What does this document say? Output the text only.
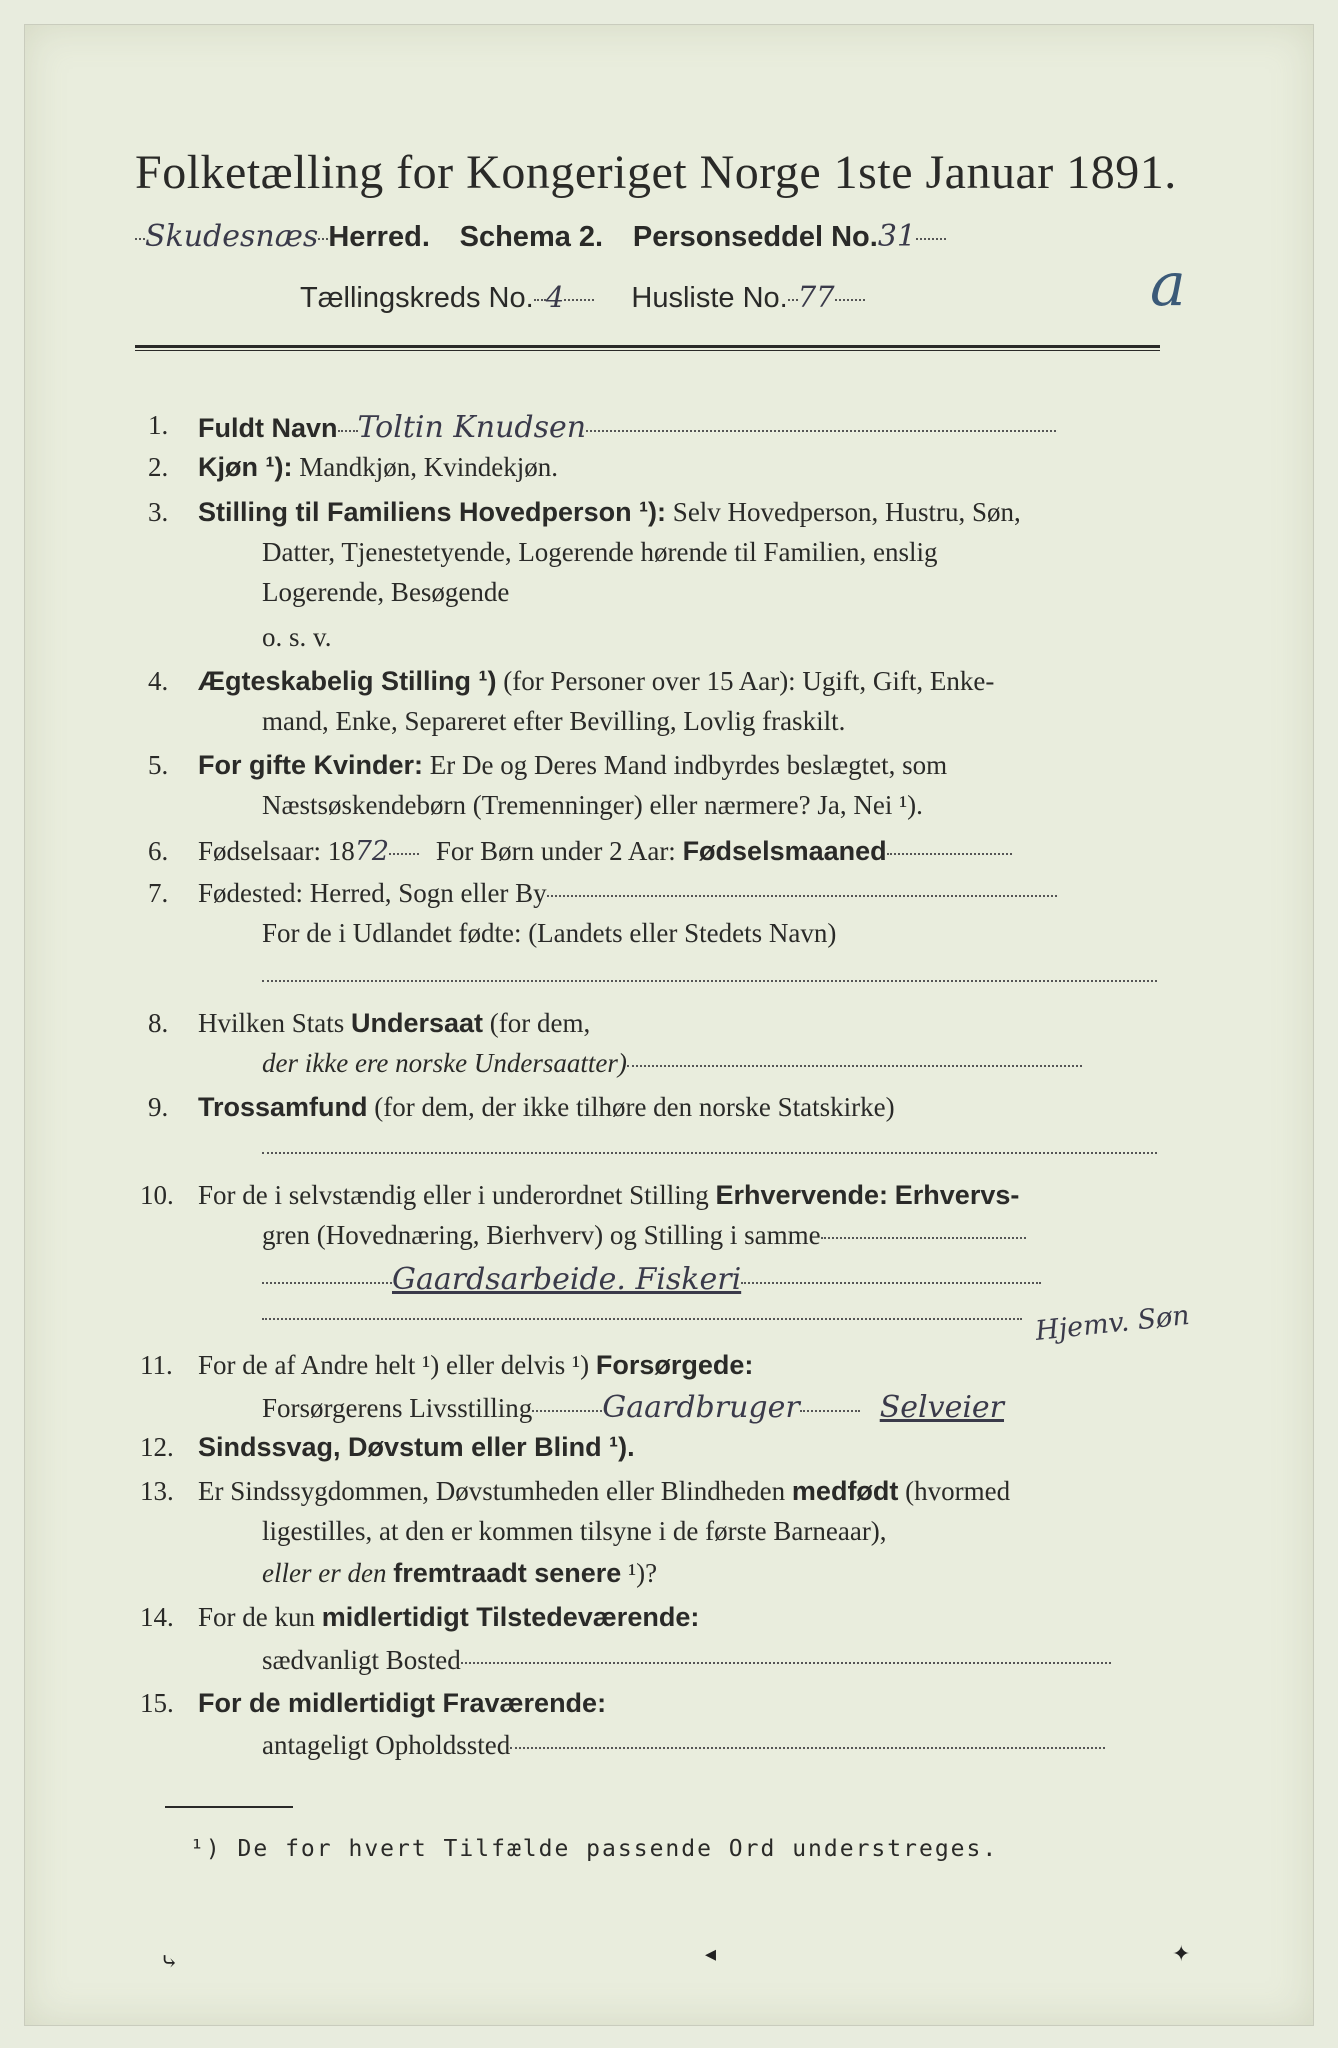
Folketælling for Kongeriget Norge 1ste Januar 1891.
Skudesnæs Herred. Schema 2. Personseddel No.31
Tællingskreds No. 4 Husliste No. 77	a
1. Fuldt Navn Toltin Knudsen
2. Kjøn ¹): Mandkjøn, Kvindekjøn.
3. Stilling til Familiens Hovedperson ¹): Selv Hovedperson, Hustru, Søn,
Datter, Tjenestetyende, Logerende hørende til Familien, enslig
Logerende, Besøgende
o. s. v.
4. Ægteskabelig Stilling ¹) (for Personer over 15 Aar): Ugift, Gift, Enke-
mand, Enke, Separeret efter Bevilling, Lovlig fraskilt.
5. For gifte Kvinder: Er De og Deres Mand indbyrdes beslægtet, som
Næstsøskendebørn (Tremenninger) eller nærmere? Ja, Nei ¹).
6. Fødselsaar: 1872 For Børn under 2 Aar: Fødselsmaaned
7. Fødested: Herred, Sogn eller By
For de i Udlandet fødte: (Landets eller Stedets Navn)
8. Hvilken Stats Undersaat (for dem,
der ikke ere norske Undersaatter)
9. Trossamfund (for dem, der ikke tilhøre den norske Statskirke)
10. For de i selvstændig eller i underordnet Stilling Erhvervende: Erhvervs-
gren (Hovednæring, Bierhverv) og Stilling i samme
Gaardsarbeide. Fiskeri
Hjemv. Søn
11. For de af Andre helt ¹) eller delvis ¹) Forsørgede:
Forsørgerens Livsstilling Gaardbruger	Selveier
12. Sindssvag, Døvstum eller Blind ¹).
13. Er Sindssygdommen, Døvstumheden eller Blindheden medfødt (hvormed
ligestilles, at den er kommen tilsyne i de første Barneaar),
eller er den fremtraadt senere ¹)?
14. For de kun midlertidigt Tilstedeværende:
sædvanligt Bosted
15. For de midlertidigt Fraværende:
antageligt Opholdssted
¹) De for hvert Tilfælde passende Ord understreges.
⤷	◂	✦
